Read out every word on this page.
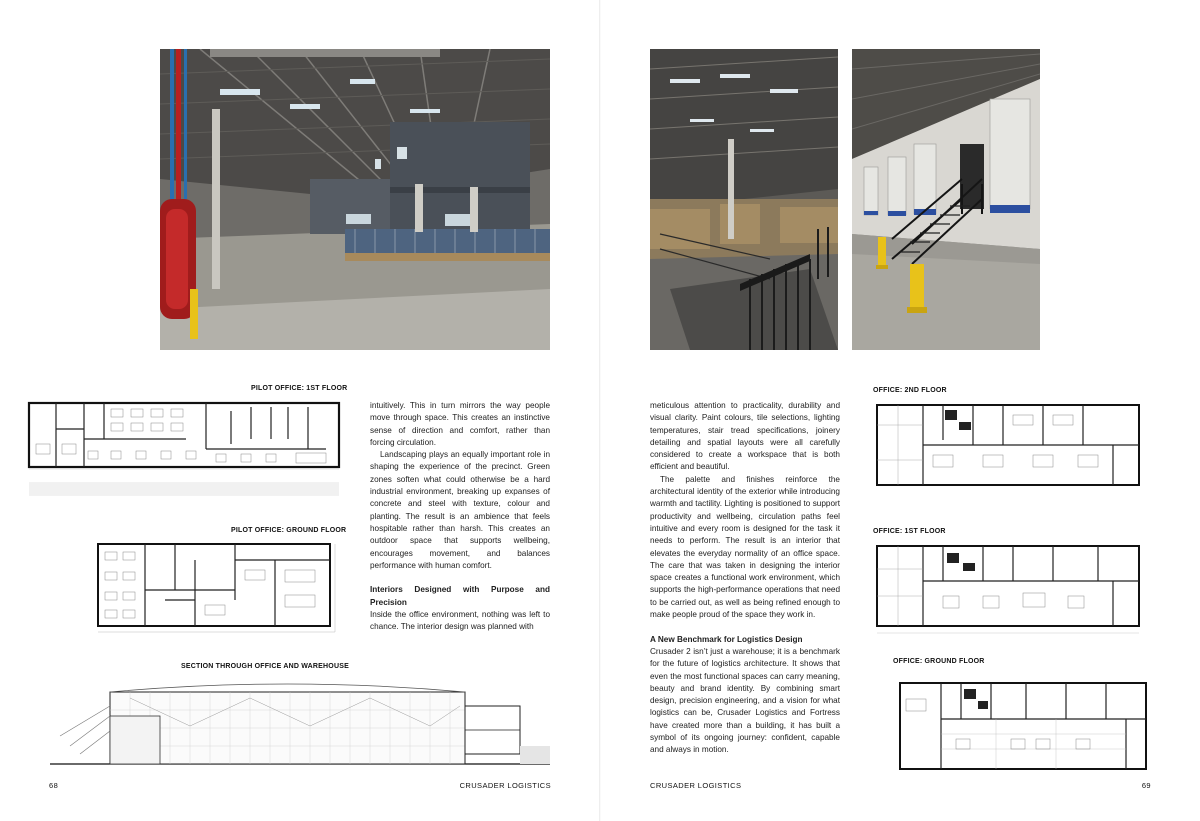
PILOT OFFICE: 1ST FLOOR
PILOT OFFICE: GROUND FLOOR
SECTION THROUGH OFFICE AND WAREHOUSE

intuitively. This in turn mirrors the way people move through space. This creates an instinctive sense of direction and comfort, rather than forcing circulation.

Landscaping plays an equally important role in shaping the experience of the precinct. Green zones soften what could otherwise be a hard industrial environment, breaking up expanses of concrete and steel with texture, colour and planting. The result is an ambience that feels hospitable rather than harsh. This creates an outdoor space that supports wellbeing, encourages movement, and balances performance with human comfort.

Interiors Designed with Purpose and Precision

Inside the office environment, nothing was left to chance. The interior design was planned with

68	CRUSADER LOGISTICS

meticulous attention to practicality, durability and visual clarity. Paint colours, tile selections, lighting temperatures, stair tread specifications, joinery detailing and spatial layouts were all carefully considered to create a workspace that is both efficient and beautiful.

The palette and finishes reinforce the architectural identity of the exterior while introducing warmth and tactility. Lighting is positioned to support productivity and wellbeing, circulation paths feel intuitive and every room is designed for the task it needs to perform. The result is an interior that elevates the everyday normality of an office space. The care that was taken in designing the interior space creates a functional work environment, which supports the high-performance operations that need to be carried out, as well as being refined enough to make people proud of the space they work in.

A New Benchmark for Logistics Design

Crusader 2 isn’t just a warehouse; it is a benchmark for the future of logistics architecture. It shows that even the most functional spaces can carry meaning, beauty and brand identity. By combining smart design, precision engineering, and a vision for what logistics can be, Crusader Logistics and Fortress have created more than a building, it has built a symbol of its ongoing journey: confident, capable and always in motion.

OFFICE: 2ND FLOOR
OFFICE: 1ST FLOOR
OFFICE: GROUND FLOOR
CRUSADER LOGISTICS	69
